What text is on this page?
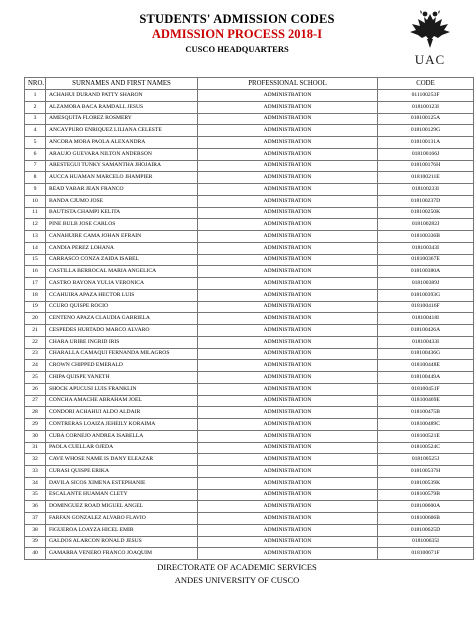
STUDENTS' ADMISSION CODES
ADMISSION PROCESS 2018-I
CUSCO HEADQUARTERS
UAC
NRO.	SURNAMES AND FIRST NAMES	PROFESSIONAL SCHOOL	CODE
1	ACHAHUI DURAND PATTY SHARON	ADMINISTRATION	011100253F
2	ALZAMORA BACA RAMDALL JESUS	ADMINISTRATION	018100123I
3	AMESQUITA FLOREZ ROSMERY	ADMINISTRATION	018100125A
4	ANCAYPURO ENRIQUEZ LILIANA CELESTE	ADMINISTRATION	018100129G
5	ANCORA MORA PAOLA ALEXANDRA	ADMINISTRATION	018100131A
6	ARAUJO GUEVARA NILTON ANDERSON	ADMINISTRATION	018100166J
7	ARESTEGUI TUNKY SAMANTHA JHOJAIRA	ADMINISTRATION	018100176H
8	AUCCA HUAMAN MARCELO JHAMPIER	ADMINISTRATION	018100211E
9	READ YABAR JEAN FRANCO	ADMINISTRATION	018100233I
10	BANDA CJUMO JOSE	ADMINISTRATION	018100237D
11	BAUTISTA CHAMPI KELITA	ADMINISTRATION	018100250K
12	PINE BULB JOSE CARLOS	ADMINISTRATION	018100282J
13	CANAHUIRE CAMA JOHAN EFRAIN	ADMINISTRATION	018100336B
14	CANDIA PEREZ LOHANA	ADMINISTRATION	018100343I
15	CARRASCO CONZA ZAIDA ISABEL	ADMINISTRATION	018100367E
16	CASTILLA BERROCAL MARIA ANGELICA	ADMINISTRATION	018100380A
17	CASTRO BAYONA YULIA VERONICA	ADMINISTRATION	018100389J
18	CCAHUIRA APAZA HECTOR LUIS	ADMINISTRATION	018100393G
19	CCURO QUISPE ROCIO	ADMINISTRATION	018100416F
20	CENTENO APAZA CLAUDIA GABRIELA	ADMINISTRATION	018100418I
21	CESPEDES HURTADO MARCO ALVARO	ADMINISTRATION	018100426A
22	CHARA URIBE INGRID IRIS	ADMINISTRATION	018100433I
23	CHARALLA CAMAQUI FERNANDA MILAGROS	ADMINISTRATION	018100436G
24	CROWN CHIPPED EMERALD	ADMINISTRATION	018100448E
25	CHIPA QUISPE YANETH	ADMINISTRATION	018100449A
26	SHOCK APUCUSI LUIS FRANKLIN	ADMINISTRATION	018100451F
27	CONCHA AMACHE ABRAHAM JOEL	ADMINISTRATION	018100469E
28	CONDORI ACHAHUI ALDO ALDAIR	ADMINISTRATION	018100475B
29	CONTRERAS LOAIZA JEHEILY KORAIMA	ADMINISTRATION	018100489C
30	CUBA CORNEJO ANDREA ISABELLA	ADMINISTRATION	018100521E
31	PAOLA CUELLAR OJEDA	ADMINISTRATION	018100524C
32	CAVE WHOSE NAME IS DANY ELEAZAR	ADMINISTRATION	018100525J
33	CURASI QUISPE ERIKA	ADMINISTRATION	018100537H
34	DAVILA SICOS XIMENA ESTEPHANIE	ADMINISTRATION	018100539K
35	ESCALANTE HUAMAN CLETY	ADMINISTRATION	018100579B
36	DOMINGUEZ ROAD MIGUEL ANGEL	ADMINISTRATION	018100600A
37	FARFAN GONZALEZ ALVARO FLAVIO	ADMINISTRATION	018100606B
38	FIGUEROA LOAYZA HICEL EMIR	ADMINISTRATION	018100625D
39	GALDOS ALARCON RONALD JESUS	ADMINISTRATION	018100635I
40	GAMARRA VENERO FRANCO JOAQUIM	ADMINISTRATION	018100671F
DIRECTORATE OF ACADEMIC SERVICES
ANDES UNIVERSITY OF CUSCO
